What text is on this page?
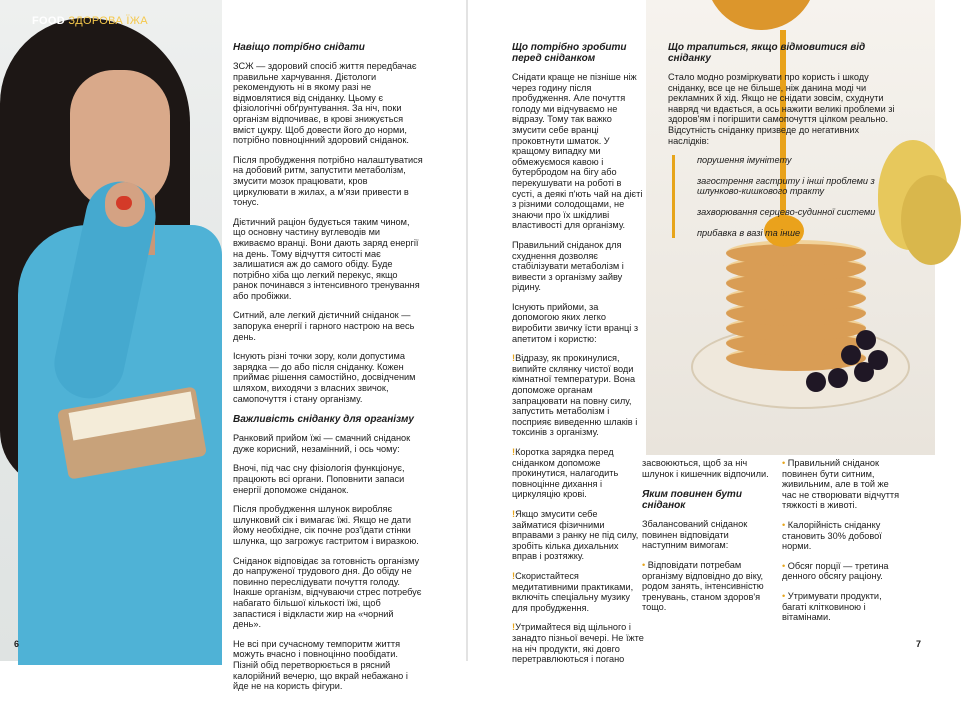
FOOD ЗДОРОВА ЇЖА
6
Навіщо потрібно снідати

ЗСЖ — здоровий спосіб життя передбачає правильне харчування. Дієтологи рекомендують ні в якому разі не відмовлятися від сніданку. Цьому є фізіологічні обґрунтування. За ніч, поки організм відпочиває, в крові знижується вміст цукру. Щоб довести його до норми, потрібно повноцінний здоровий сніданок.

Після пробудження потрібно налаштуватися на добовий ритм, запустити метаболізм, змусити мозок працювати, кров циркулювати в жилах, а м'язи привести в тонус.

Дієтичний раціон будується таким чином, що основну частину вуглеводів ми вживаємо вранці. Вони дають заряд енергії на день. Тому відчуття ситості має залишатися аж до самого обіду. Буде потрібно хіба що легкий перекус, якщо ранок починався з інтенсивного тренування або пробіжки.

Ситний, але легкий дієтичний сніданок — запорука енергії і гарного настрою на весь день.

Існують різні точки зору, коли допустима зарядка — до або після сніданку. Кожен приймає рішення самостійно, досвідченим шляхом, виходячи з власних звичок, самопочуття і стану організму.

Важливість сніданку для організму

Ранковий прийом їжі — смачний сніданок дуже корисний, незамінний, і ось чому:

Вночі, під час сну фізіологія функціонує, працюють всі органи. Поповнити запаси енергії допоможе сніданок.

Після пробудження шлунок виробляє шлунковий сік і вимагає їжі. Якщо не дати йому необхідне, сік почне роз'їдати стінки шлунка, що загрожує гастритом і виразкою.

Сніданок відповідає за готовність організму до напруженої трудового дня. До обіду не повинно переслідувати почуття голоду. Інакше організм, відчуваючи стрес потребує набагато більшої кількості їжі, щоб запастися і відкласти жир на «чорний день».

Не всі при сучасному темпоритм життя можуть вчасно і повноцінно пообідати. Пізній обід перетворюється в рясний калорійний вечерю, що вкрай небажано і йде не на користь фігури.

7
Що потрібно зробити перед сніданком

Снідати краще не пізніше ніж через годину після пробудження. Але почуття голоду ми відчуваємо не відразу. Тому так важко змусити себе вранці проковтнути шматок. У кращому випадку ми обмежуємося кавою і бутербродом на бігу або перекушувати на роботі в сусті, а деякі п'ють чай на дієті з різними солодощами, не знаючи про їх шкідливі властивості для організму.

Правильний сніданок для схуднення дозволяє стабілізувати метаболізм і вивести з організму зайву рідину.

Існують прийоми, за допомогою яких легко виробити звичку їсти вранці з апетитом і користю:

!Відразу, як прокинулися, випийте склянку чистої води кімнатної температури. Вона допоможе органам запрацювати на повну силу, запустить метаболізм і посприяє виведенню шлаків і токсинів з організму.
!Коротка зарядка перед сніданком допоможе прокинутися, налагодить повноцінне дихання і циркуляцію крові.
!Якщо змусити себе займатися фізичними вправами з ранку не під силу, зробіть кілька дихальних вправ і розтяжку.
!Скористайтеся медитативними практиками, включіть спеціальну музику для пробудження.
!Утримайтеся від щільного і занадто пізньої вечері. Не їжте на ніч продукти, які довго перетравлюються і погано
Що трапиться, якщо відмовитися від сніданку

Стало модно розміркувати про користь і шкоду сніданку, все це не більше, ніж данина моді чи рекламних й хід. Якщо не снідати зовсім, схуднути навряд чи вдається, а ось нажити великі проблеми зі здоров'ям і погіршити самопочуття цілком реально. Відсутність сніданку призведе до негативних наслідків:

порушення імунітету
загострення гастриту і інші проблеми з шлунково-кишкового тракту
захворювання серцево-судинної системи
прибавка в вазі та інше

засвоюються, щоб за ніч шлунок і кишечник відпочили.

Яким повинен бути сніданок

Збалансований сніданок повинен відповідати наступним вимогам:

• Відповідати потребам організму відповідно до віку, родом занять, інтенсивністю тренувань, станом здоров'я тощо.
• Правильний сніданок повинен бути ситним, живильним, але в той же час не створювати відчуття тяжкості в животі.
• Калорійність сніданку становить 30% добової норми.
• Обсяг порції — третина денного обсягу раціону.
• Утримувати продукти, багаті клітковиною і вітамінами.
